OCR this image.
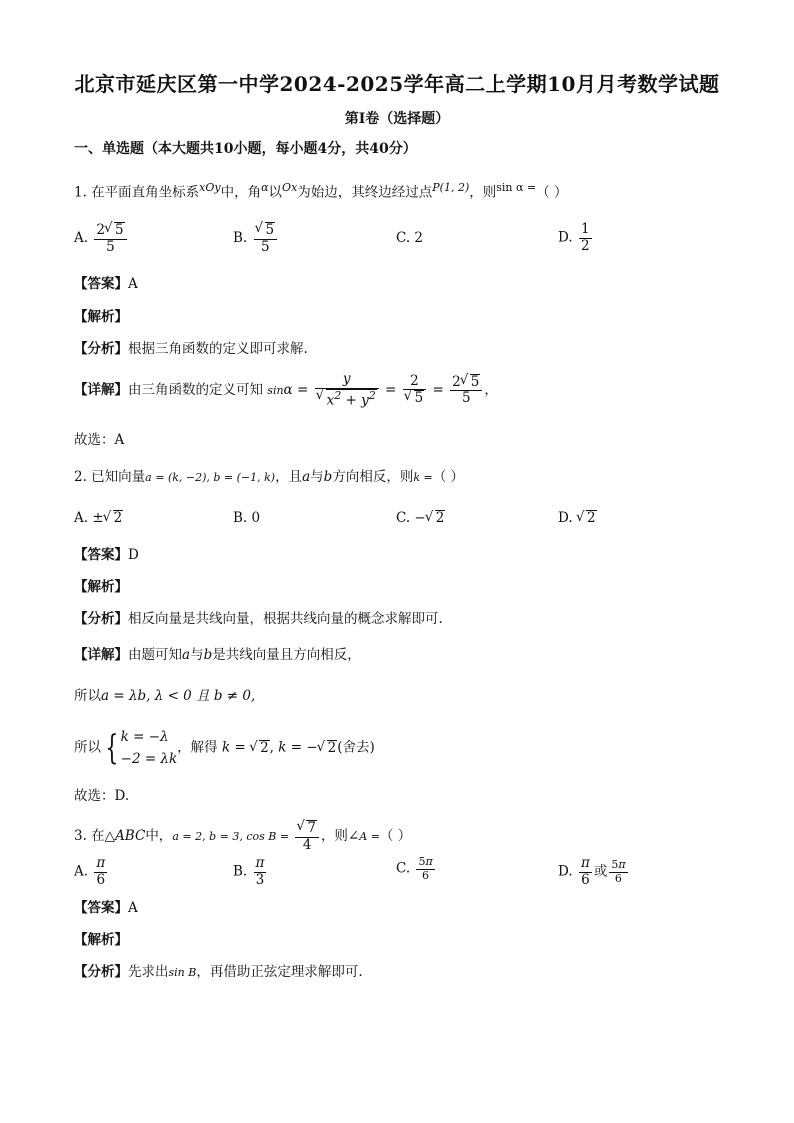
北京市延庆区第一中学2024-2025学年高二上学期10月月考数学试题
第I卷（选择题）
一、单选题（本大题共10小题，每小题4分，共40分）
1. 在平面直角坐标系$^{xOy}$中，角$^\alpha$以$^{Ox}$为始边，其终边经过点$^{P(1, 2)}$，则$^{sin \alpha =}$（ ）
A. $\frac{2 √ 5}{5}$	B. √ $\frac{5}{5}$	C. 2	D. $\frac{1}{2}$
【答案】A
【解析】
【分析】根据三角函数的定义即可求解.
【详解】由三角函数的定义可知 sinα = y
√ $x^2 + y^2 = 2$
√ $5 = \frac{2 √ 5}{5}$ ，
故选：A
2. 已知向量a = (k, −2), b = (−1, k)，且a与b方向相反，则k =（ ）
A. ± √ 2	B. 0	C. − √ 2	D. √ 2
【答案】D
【解析】
【分析】相反向量是共线向量，根据共线向量的概念求解即可.
【详解】由题可知a与b是共线向量且方向相反，
所以a = λb, λ < 0 且 b ≠ 0,
所以 { k = −λ
−2 = λk
，解得 k = √ 2, k = − √ 2(舍去)
故选：D.
3. 在△ABC中，a = 2, b = 3, cos B = √ $\frac{7}{4}$ ，则∠A =（ ）
A. $\frac{\pi}{6}$	B. $\frac{\pi}{3}$	C. $\frac{5\pi}{6}$	D. $\frac{\pi}{6}$ 或 $\frac{5\pi}{6}$
【答案】A
【解析】
【分析】先求出sin B，再借助正弦定理求解即可.
